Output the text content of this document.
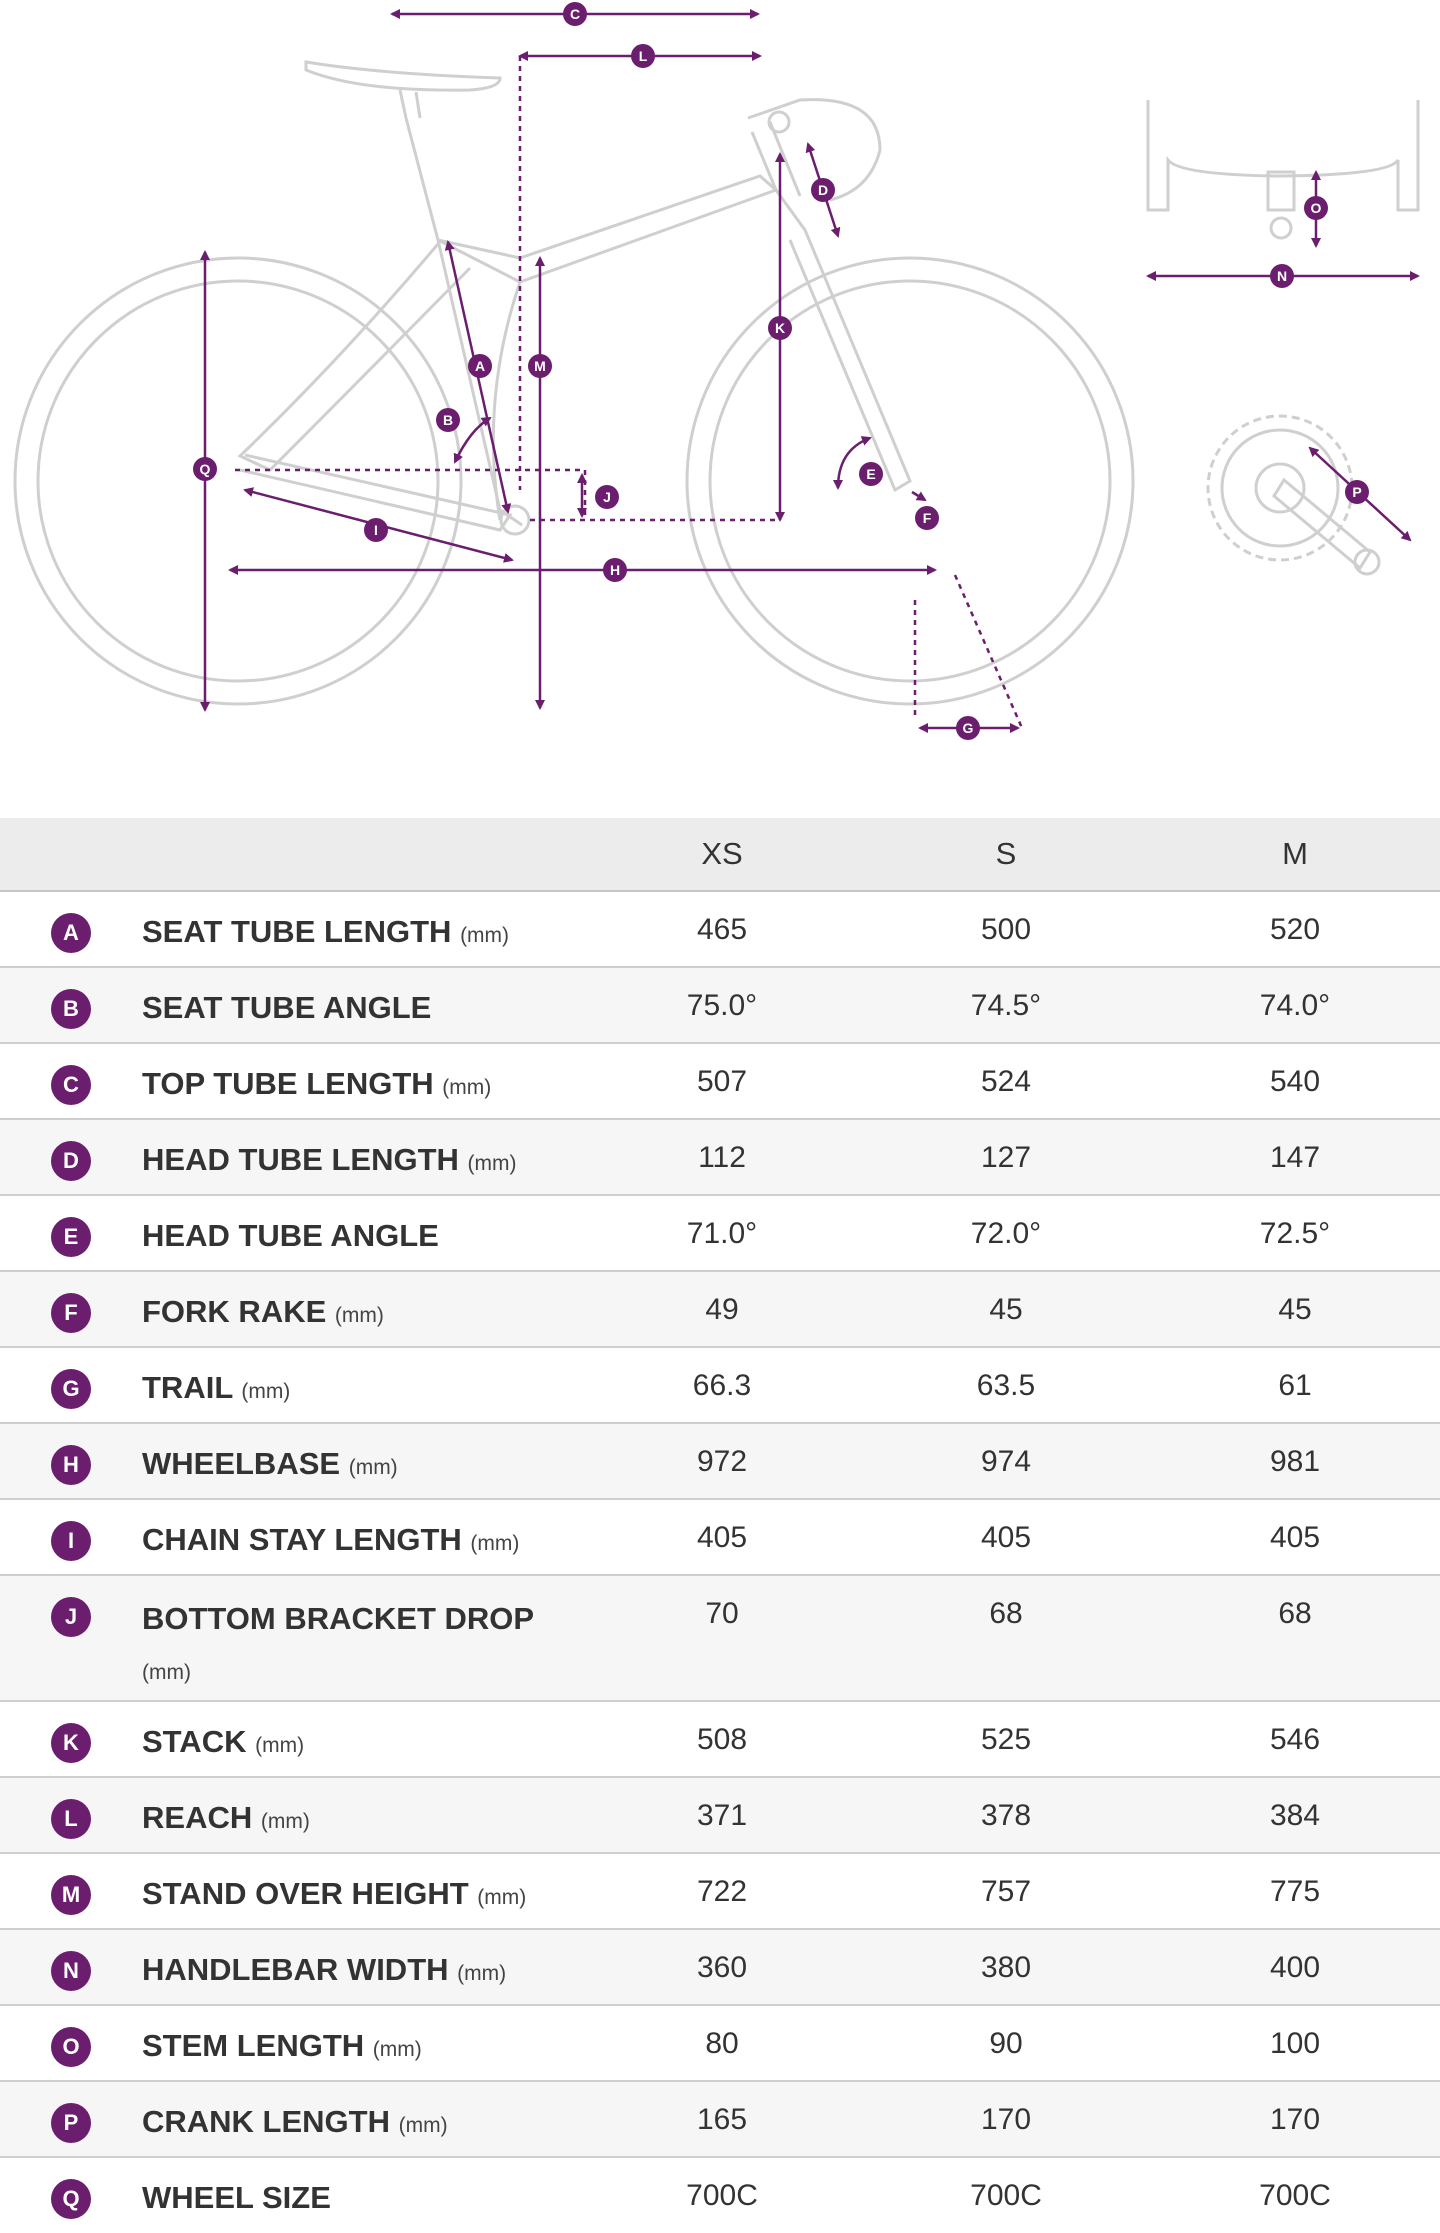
C
L
D
K
A	M
B
Q
J
E
F
I
H
G
O
N
P
		XS	S	M
A	SEAT TUBE LENGTH (mm)	465	500	520
B	SEAT TUBE ANGLE	75.0°	74.5°	74.0°
C	TOP TUBE LENGTH (mm)	507	524	540
D	HEAD TUBE LENGTH (mm)	112	127	147
E	HEAD TUBE ANGLE	71.0°	72.0°	72.5°
F	FORK RAKE (mm)	49	45	45
G	TRAIL (mm)	66.3	63.5	61
H	WHEELBASE (mm)	972	974	981
I	CHAIN STAY LENGTH (mm)	405	405	405
J	BOTTOM BRACKET DROP
(mm)	70	68	68
K	STACK (mm)	508	525	546
L	REACH (mm)	371	378	384
M	STAND OVER HEIGHT (mm)	722	757	775
N	HANDLEBAR WIDTH (mm)	360	380	400
O	STEM LENGTH (mm)	80	90	100
P	CRANK LENGTH (mm)	165	170	170
Q	WHEEL SIZE	700C	700C	700C
